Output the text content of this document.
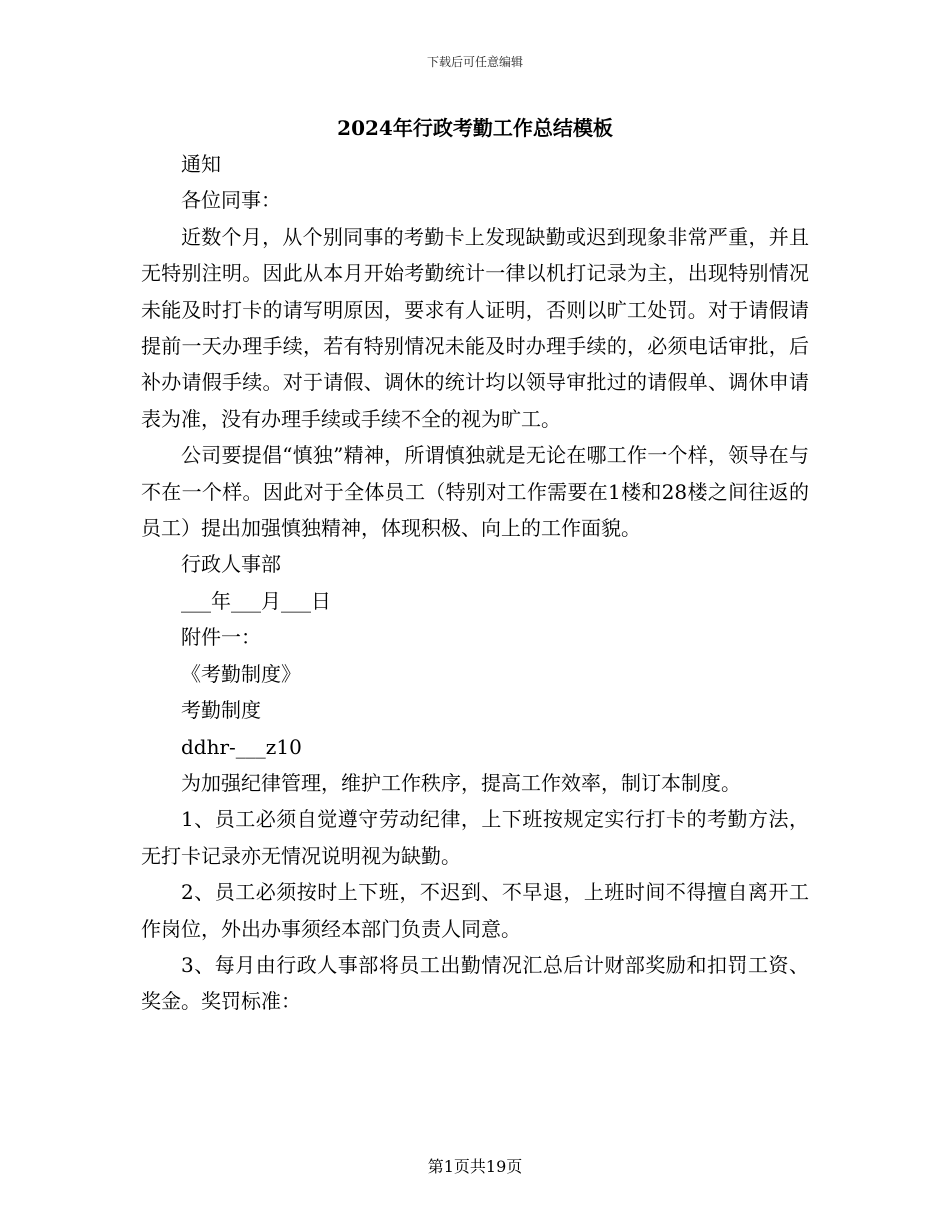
下载后可任意编辑
2024年行政考勤工作总结模板

通知

各位同事：

近数个月，从个别同事的考勤卡上发现缺勤或迟到现象非常严重，并且无特别注明。因此从本月开始考勤统计一律以机打记录为主，出现特别情况未能及时打卡的请写明原因，要求有人证明，否则以旷工处罚。对于请假请提前一天办理手续，若有特别情况未能及时办理手续的，必须电话审批，后补办请假手续。对于请假、调休的统计均以领导审批过的请假单、调休申请表为准，没有办理手续或手续不全的视为旷工。

公司要提倡“慎独”精神，所谓慎独就是无论在哪工作一个样，领导在与不在一个样。因此对于全体员工（特别对工作需要在1楼和28楼之间往返的员工）提出加强慎独精神，体现积极、向上的工作面貌。

行政人事部

___年___月___日

附件一：

《考勤制度》

考勤制度

ddhr-___z10

为加强纪律管理，维护工作秩序，提高工作效率，制订本制度。

1、员工必须自觉遵守劳动纪律，上下班按规定实行打卡的考勤方法，无打卡记录亦无情况说明视为缺勤。

2、员工必须按时上下班，不迟到、不早退，上班时间不得擅自离开工作岗位，外出办事须经本部门负责人同意。

3、每月由行政人事部将员工出勤情况汇总后计财部奖励和扣罚工资、奖金。奖罚标准：

第1页共19页
